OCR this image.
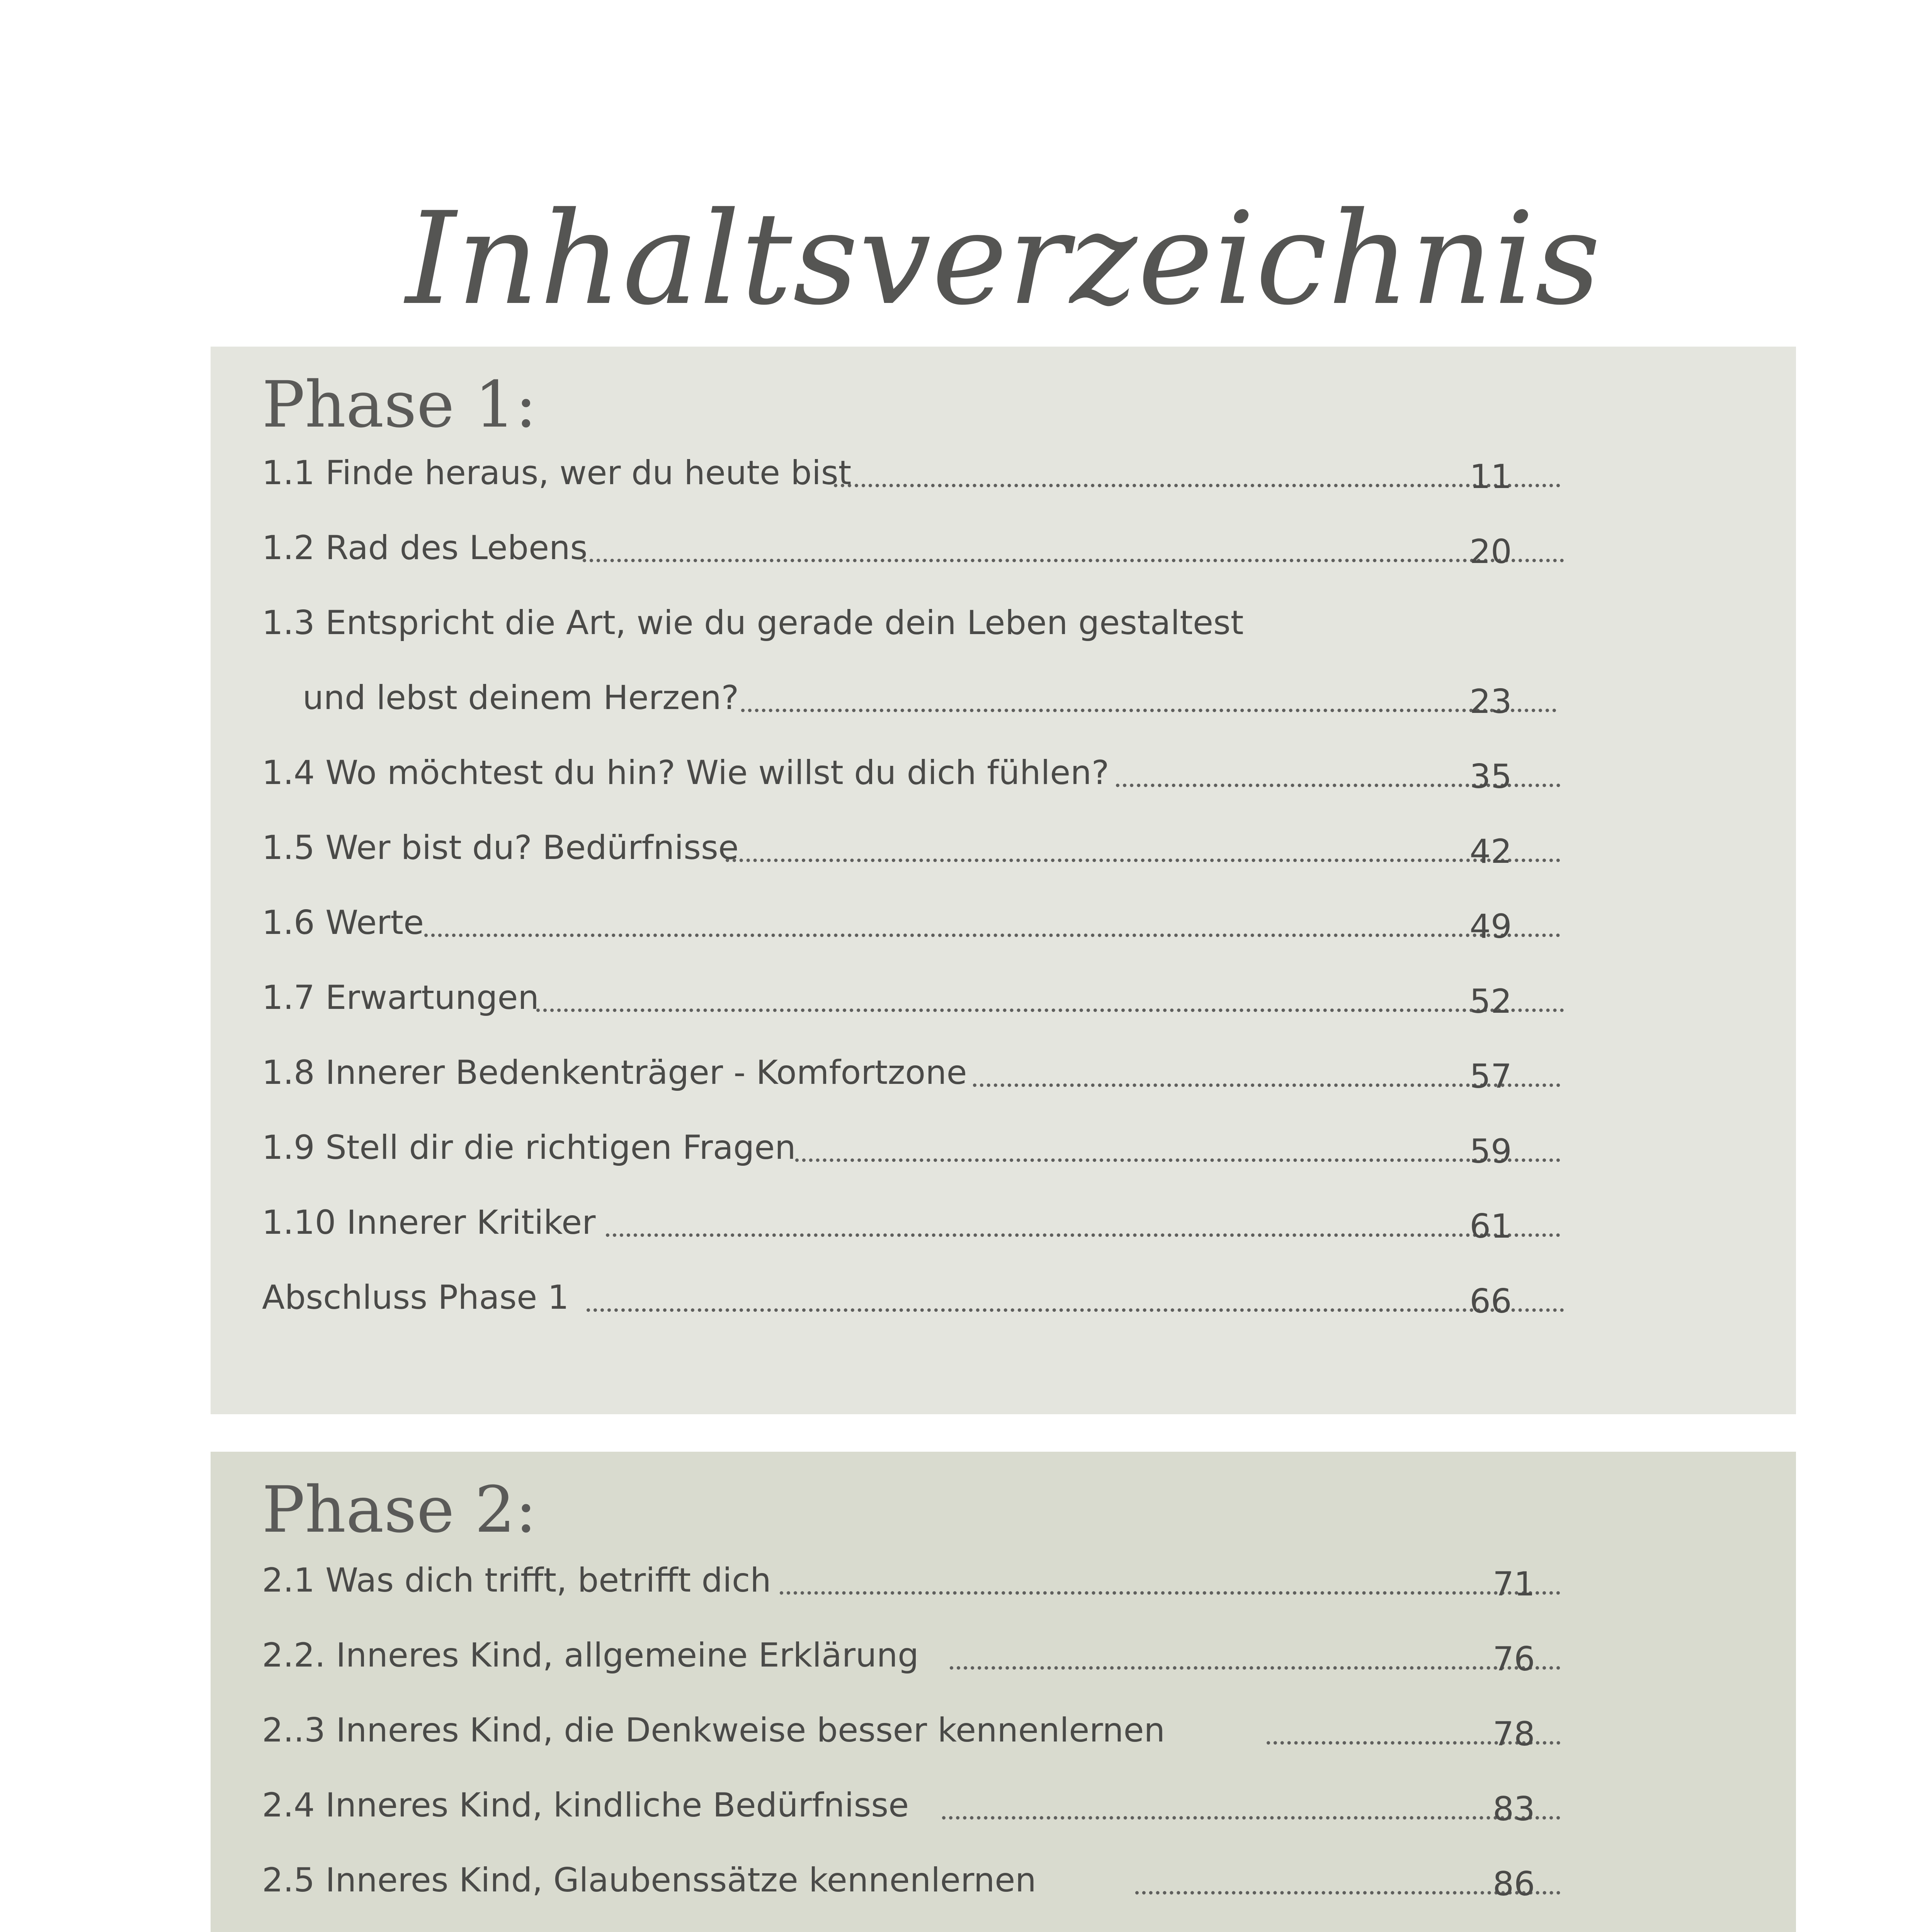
Inhaltsverzeichnis
Phase 1:
1.1 Finde heraus, wer du heute bist	11
1.2 Rad des Lebens	20
1.3 Entspricht die Art, wie du gerade dein Leben gestaltest
und lebst deinem Herzen?	23
1.4 Wo möchtest du hin? Wie willst du dich fühlen?	35
1.5 Wer bist du? Bedürfnisse	42
1.6 Werte	49
1.7 Erwartungen	52
1.8 Innerer Bedenkenträger - Komfortzone	57
1.9 Stell dir die richtigen Fragen	59
1.10 Innerer Kritiker	61
Abschluss Phase 1	66
Phase 2:
2.1 Was dich trifft, betrifft dich	71
2.2. Inneres Kind, allgemeine Erklärung	76
2..3 Inneres Kind, die Denkweise besser kennenlernen	78
2.4 Inneres Kind, kindliche Bedürfnisse	83
2.5 Inneres Kind, Glaubenssätze kennenlernen	86
